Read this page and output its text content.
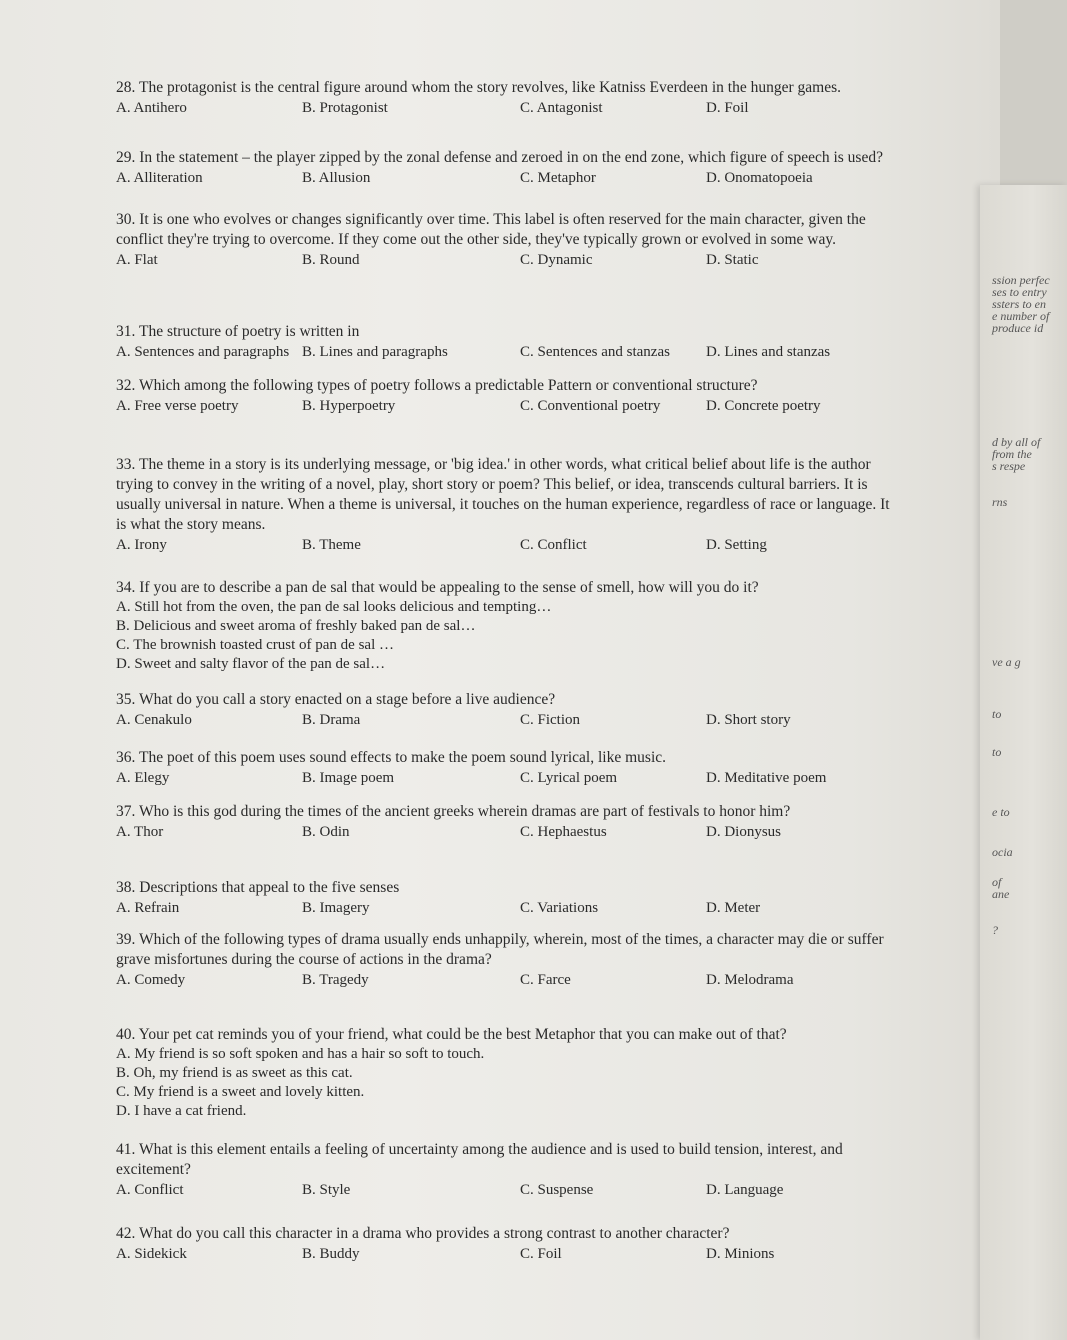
28. The protagonist is the central figure around whom the story revolves, like Katniss Everdeen in the hunger games.
A. Antihero	B. Protagonist	C. Antagonist	D. Foil
29. In the statement – the player zipped by the zonal defense and zeroed in on the end zone, which figure of speech is used?
A. Alliteration	B. Allusion	C. Metaphor	D. Onomatopoeia
30. It is one who evolves or changes significantly over time. This label is often reserved for the main character, given the conflict they're trying to overcome. If they come out the other side, they've typically grown or evolved in some way.
A. Flat	B. Round	C. Dynamic	D. Static
31. The structure of poetry is written in
A. Sentences and paragraphs B. Lines and paragraphs	C. Sentences and stanzas D. Lines and stanzas
32. Which among the following types of poetry follows a predictable Pattern or conventional structure?
A. Free verse poetry	B. Hyperpoetry	C. Conventional poetry	D. Concrete poetry
33. The theme in a story is its underlying message, or 'big idea.' in other words, what critical belief about life is the author trying to convey in the writing of a novel, play, short story or poem? This belief, or idea, transcends cultural barriers. It is usually universal in nature. When a theme is universal, it touches on the human experience, regardless of race or language. It is what the story means.
A. Irony	B. Theme	C. Conflict	D. Setting
34. If you are to describe a pan de sal that would be appealing to the sense of smell, how will you do it?
A. Still hot from the oven, the pan de sal looks delicious and tempting…
B. Delicious and sweet aroma of freshly baked pan de sal…
C. The brownish toasted crust of pan de sal …
D. Sweet and salty flavor of the pan de sal…
35. What do you call a story enacted on a stage before a live audience?
A. Cenakulo	B. Drama	C. Fiction	D. Short story
36. The poet of this poem uses sound effects to make the poem sound lyrical, like music.
A. Elegy	B. Image poem	C. Lyrical poem	D. Meditative poem
37. Who is this god during the times of the ancient greeks wherein dramas are part of festivals to honor him?
A. Thor	B. Odin	C. Hephaestus	D. Dionysus
38. Descriptions that appeal to the five senses
A. Refrain	B. Imagery	C. Variations	D. Meter
39. Which of the following types of drama usually ends unhappily, wherein, most of the times, a character may die or suffer grave misfortunes during the course of actions in the drama?
A. Comedy	B. Tragedy	C. Farce	D. Melodrama
40. Your pet cat reminds you of your friend, what could be the best Metaphor that you can make out of that?
A. My friend is so soft spoken and has a hair so soft to touch.
B. Oh, my friend is as sweet as this cat.
C. My friend is a sweet and lovely kitten.
D. I have a cat friend.
41. What is this element entails a feeling of uncertainty among the audience and is used to build tension, interest, and excitement?
A. Conflict	B. Style	C. Suspense	D. Language
42. What do you call this character in a drama who provides a strong contrast to another character?
A. Sidekick	B. Buddy	C. Foil	D. Minions
ssion perfec
ses to entry
ssters to en
e number of
produce id
d by all of
from the
s respe
rns
ve a g
to
to
e to
ocia
of
ane
?
